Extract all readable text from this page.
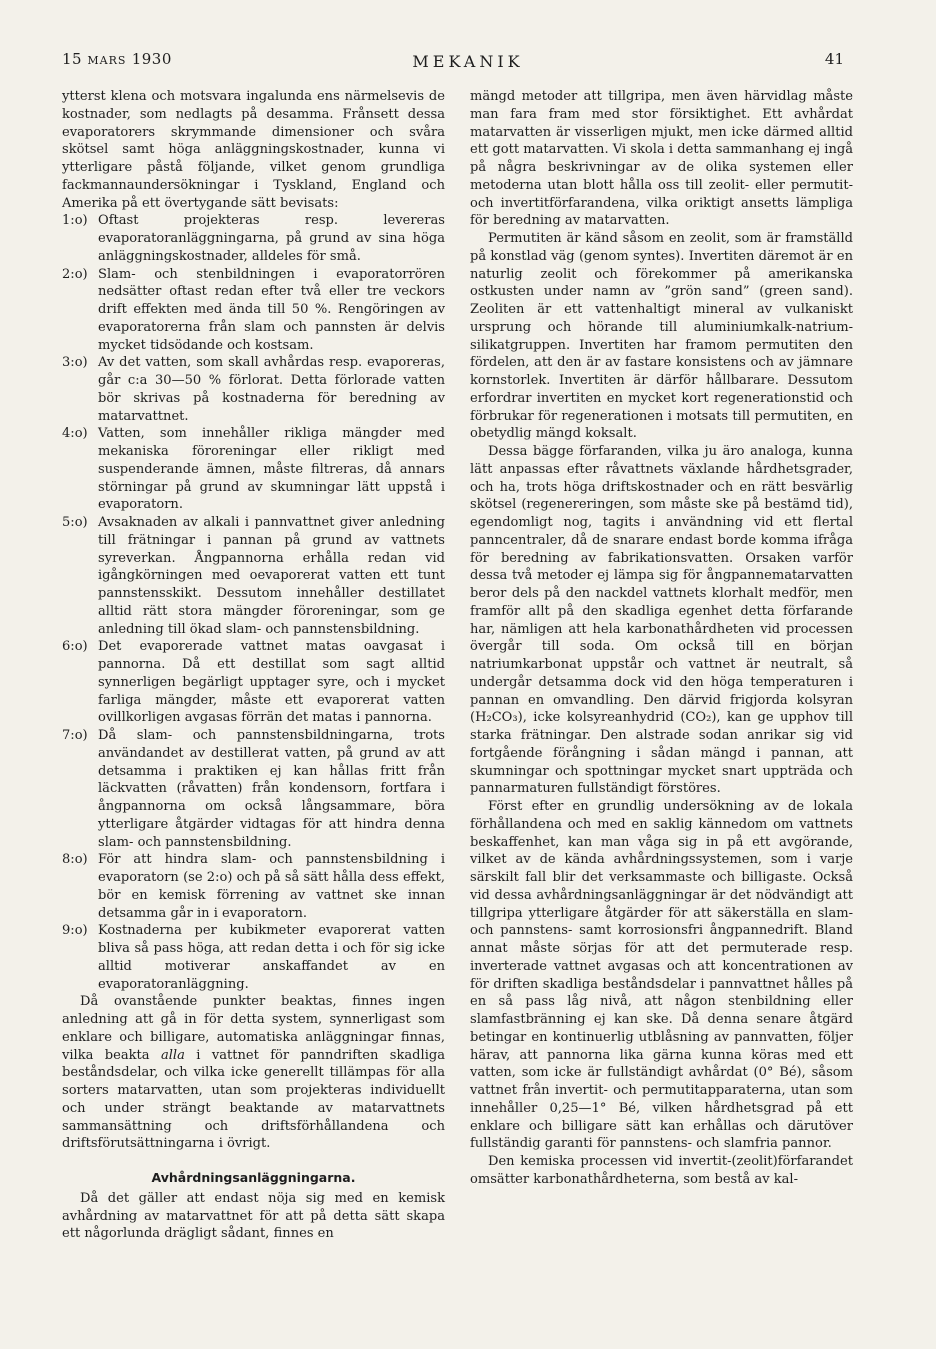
15 MARS 1930	MEKANIK	41

ytterst klena och motsvara ingalunda ens närmelsevis de kostnader, som nedlagts på desamma. Frånsett dessa evaporatorers skrymmande dimensioner och svåra skötsel samt höga anläggningskostnader, kunna vi ytterligare påstå följande, vilket genom grundliga fackmannaundersökningar i Tyskland, England och Amerika på ett övertygande sätt bevisats:

1:o) Oftast projekteras resp. levereras evaporatoranläggningarna, på grund av sina höga anläggningskostnader, alldeles för små.
2:o) Slam- och stenbildningen i evaporatorrören nedsätter oftast redan efter två eller tre veckors drift effekten med ända till 50 %. Rengöringen av evaporatorerna från slam och pannsten är delvis mycket tidsödande och kostsam.
3:o) Av det vatten, som skall avhårdas resp. evaporeras, går c:a 30—50 % förlorat. Detta förlorade vatten bör skrivas på kostnaderna för beredning av matarvattnet.
4:o) Vatten, som innehåller rikliga mängder med mekaniska föroreningar eller rikligt med suspenderande ämnen, måste filtreras, då annars störningar på grund av skumningar lätt uppstå i evaporatorn.
5:o) Avsaknaden av alkali i pannvattnet giver anledning till frätningar i pannan på grund av vattnets syreverkan. Ångpannorna erhålla redan vid igångkörningen med oevaporerat vatten ett tunt pannstensskikt. Dessutom innehåller destillatet alltid rätt stora mängder föroreningar, som ge anledning till ökad slam- och pannstensbildning.
6:o) Det evaporerade vattnet matas oavgasat i pannorna. Då ett destillat som sagt alltid synnerligen begärligt upptager syre, och i mycket farliga mängder, måste ett evaporerat vatten ovillkorligen avgasas förrän det matas i pannorna.
7:o) Då slam- och pannstensbildningarna, trots användandet av destillerat vatten, på grund av att detsamma i praktiken ej kan hållas fritt från läckvatten (råvatten) från kondensorn, fortfara i ångpannorna om också långsammare, böra ytterligare åtgärder vidtagas för att hindra denna slam- och pannstensbildning.
8:o) För att hindra slam- och pannstensbildning i evaporatorn (se 2:o) och på så sätt hålla dess effekt, bör en kemisk förrening av vattnet ske innan detsamma går in i evaporatorn.
9:o) Kostnaderna per kubikmeter evaporerat vatten bliva så pass höga, att redan detta i och för sig icke alltid motiverar anskaffandet av en evaporatoranläggning.

Då ovanstående punkter beaktas, finnes ingen anledning att gå in för detta system, synnerligast som enklare och billigare, automatiska anläggningar finnas, vilka beakta alla i vattnet för panndriften skadliga beståndsdelar, och vilka icke generellt tillämpas för alla sorters matarvatten, utan som projekteras individuellt och under strängt beaktande av matarvattnets sammansättning och driftsförhållandena och driftsförutsättningarna i övrigt.

Avhårdningsanläggningarna.

Då det gäller att endast nöja sig med en kemisk avhårdning av matarvattnet för att på detta sätt skapa ett någorlunda drägligt sådant, finnes en

mängd metoder att tillgripa, men även härvidlag måste man fara fram med stor försiktighet. Ett avhårdat matarvatten är visserligen mjukt, men icke därmed alltid ett gott matarvatten. Vi skola i detta sammanhang ej ingå på några beskrivningar av de olika systemen eller metoderna utan blott hålla oss till zeolit- eller permutit- och invertitförfarandena, vilka oriktigt ansetts lämpliga för beredning av matarvatten.

Permutiten är känd såsom en zeolit, som är framställd på konstlad väg (genom syntes). Invertiten däremot är en naturlig zeolit och förekommer på amerikanska ostkusten under namn av ”grön sand” (green sand). Zeoliten är ett vattenhaltigt mineral av vulkaniskt ursprung och hörande till aluminiumkalk-natrium-silikatgruppen. Invertiten har framom permutiten den fördelen, att den är av fastare konsistens och av jämnare kornstorlek. Invertiten är därför hållbarare. Dessutom erfordrar invertiten en mycket kort regenerationstid och förbrukar för regenerationen i motsats till permutiten, en obetydlig mängd koksalt.

Dessa bägge förfaranden, vilka ju äro analoga, kunna lätt anpassas efter råvattnets växlande hårdhetsgrader, och ha, trots höga driftskostnader och en rätt besvärlig skötsel (regenereringen, som måste ske på bestämd tid), egendomligt nog, tagits i användning vid ett flertal panncentraler, då de snarare endast borde komma ifråga för beredning av fabrikationsvatten. Orsaken varför dessa två metoder ej lämpa sig för ångpannematarvatten beror dels på den nackdel vattnets klorhalt medför, men framför allt på den skadliga egenhet detta förfarande har, nämligen att hela karbonathårdheten vid processen övergår till soda. Om också till en början natriumkarbonat uppstår och vattnet är neutralt, så undergår detsamma dock vid den höga temperaturen i pannan en omvandling. Den därvid frigjorda kolsyran (H₂CO₃), icke kolsyreanhydrid (CO₂), kan ge upphov till starka frätningar. Den alstrade sodan anrikar sig vid fortgående förångning i sådan mängd i pannan, att skumningar och spottningar mycket snart uppträda och pannarmaturen fullständigt förstöres.

Först efter en grundlig undersökning av de lokala förhållandena och med en saklig kännedom om vattnets beskaffenhet, kan man våga sig in på ett avgörande, vilket av de kända avhårdningssystemen, som i varje särskilt fall blir det verksammaste och billigaste. Också vid dessa avhårdningsanläggningar är det nödvändigt att tillgripa ytterligare åtgärder för att säkerställa en slam- och pannstens- samt korrosionsfri ångpannedrift. Bland annat måste sörjas för att det permuterade resp. inverterade vattnet avgasas och att koncentrationen av för driften skadliga beståndsdelar i pannvattnet hålles på en så pass låg nivå, att någon stenbildning eller slamfastbränning ej kan ske. Då denna senare åtgärd betingar en kontinuerlig utblåsning av pannvatten, följer härav, att pannorna lika gärna kunna köras med ett vatten, som icke är fullständigt avhårdat (0° Bé), såsom vattnet från invertit- och permutitapparaterna, utan som innehåller 0,25—1° Bé, vilken hårdhetsgrad på ett enklare och billigare sätt kan erhållas och därutöver fullständig garanti för pannstens- och slamfria pannor.

Den kemiska processen vid invertit-(zeolit)förfarandet omsätter karbonathårdheterna, som bestå av kal-
